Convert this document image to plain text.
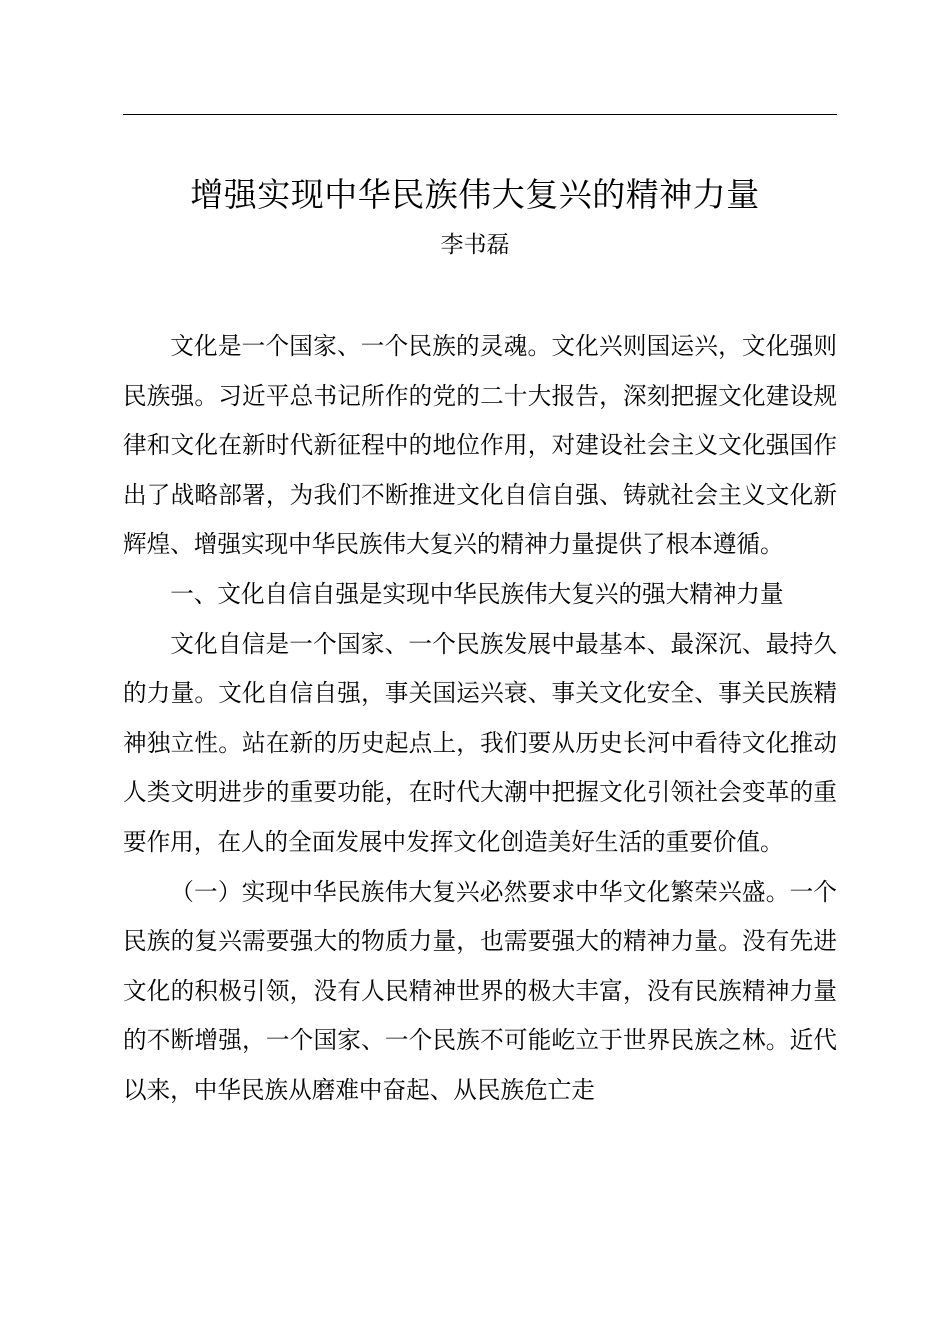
增强实现中华民族伟大复兴的精神力量
李书磊

文化是一个国家、一个民族的灵魂。文化兴则国运兴，文化强则民族强。习近平总书记所作的党的二十大报告，深刻把握文化建设规律和文化在新时代新征程中的地位作用，对建设社会主义文化强国作出了战略部署，为我们不断推进文化自信自强、铸就社会主义文化新辉煌、增强实现中华民族伟大复兴的精神力量提供了根本遵循。

一、文化自信自强是实现中华民族伟大复兴的强大精神力量

文化自信是一个国家、一个民族发展中最基本、最深沉、最持久的力量。文化自信自强，事关国运兴衰、事关文化安全、事关民族精神独立性。站在新的历史起点上，我们要从历史长河中看待文化推动人类文明进步的重要功能，在时代大潮中把握文化引领社会变革的重要作用，在人的全面发展中发挥文化创造美好生活的重要价值。

（一）实现中华民族伟大复兴必然要求中华文化繁荣兴盛。一个民族的复兴需要强大的物质力量，也需要强大的精神力量。没有先进文化的积极引领，没有人民精神世界的极大丰富，没有民族精神力量的不断增强，一个国家、一个民族不可能屹立于世界民族之林。近代以来，中华民族从磨难中奋起、从民族危亡走
